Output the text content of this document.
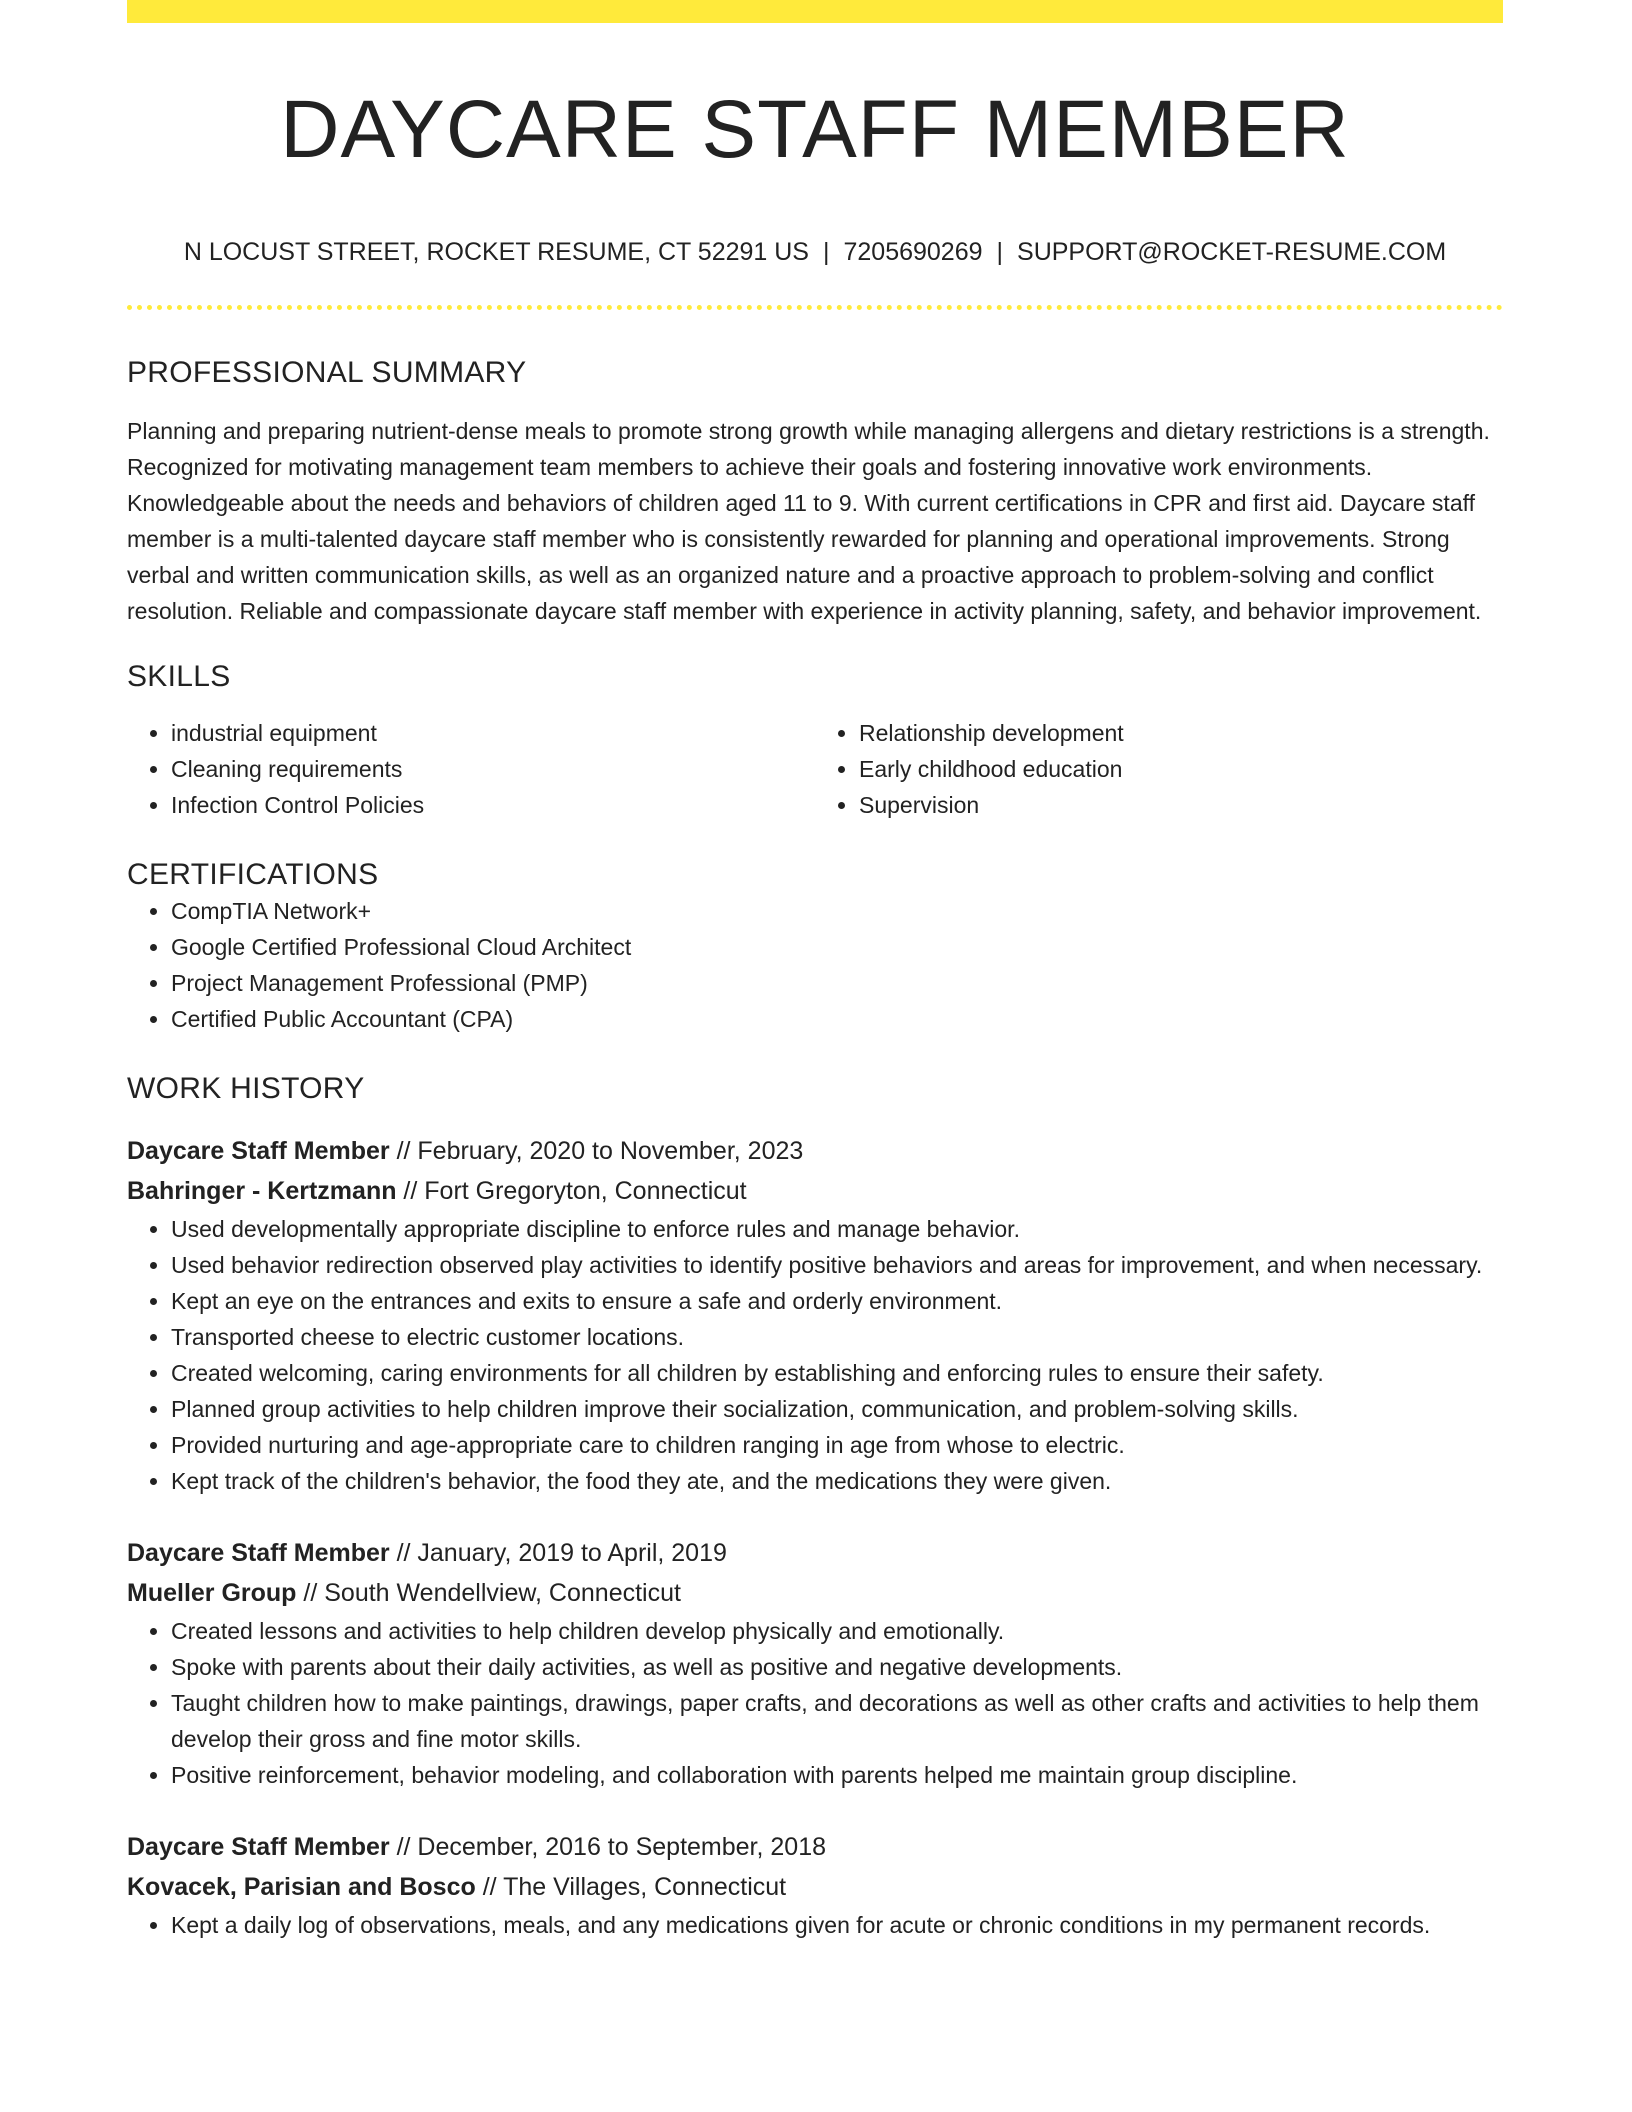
DAYCARE STAFF MEMBER
N LOCUST STREET, ROCKET RESUME, CT 52291 US | 7205690269 | SUPPORT@ROCKET-RESUME.COM
PROFESSIONAL SUMMARY
Planning and preparing nutrient-dense meals to promote strong growth while managing allergens and dietary restrictions is a strength. Recognized for motivating management team members to achieve their goals and fostering innovative work environments. Knowledgeable about the needs and behaviors of children aged 11 to 9. With current certifications in CPR and first aid. Daycare staff member is a multi-talented daycare staff member who is consistently rewarded for planning and operational improvements. Strong verbal and written communication skills, as well as an organized nature and a proactive approach to problem-solving and conflict resolution. Reliable and compassionate daycare staff member with experience in activity planning, safety, and behavior improvement.
SKILLS
• industrial equipment
• Cleaning requirements
• Infection Control Policies
• Relationship development
• Early childhood education
• Supervision
CERTIFICATIONS
• CompTIA Network+
• Google Certified Professional Cloud Architect
• Project Management Professional (PMP)
• Certified Public Accountant (CPA)
WORK HISTORY
Daycare Staff Member // February, 2020 to November, 2023
Bahringer - Kertzmann // Fort Gregoryton, Connecticut
• Used developmentally appropriate discipline to enforce rules and manage behavior.
• Used behavior redirection observed play activities to identify positive behaviors and areas for improvement, and when necessary.
• Kept an eye on the entrances and exits to ensure a safe and orderly environment.
• Transported cheese to electric customer locations.
• Created welcoming, caring environments for all children by establishing and enforcing rules to ensure their safety.
• Planned group activities to help children improve their socialization, communication, and problem-solving skills.
• Provided nurturing and age-appropriate care to children ranging in age from whose to electric.
• Kept track of the children's behavior, the food they ate, and the medications they were given.
Daycare Staff Member // January, 2019 to April, 2019
Mueller Group // South Wendellview, Connecticut
• Created lessons and activities to help children develop physically and emotionally.
• Spoke with parents about their daily activities, as well as positive and negative developments.
• Taught children how to make paintings, drawings, paper crafts, and decorations as well as other crafts and activities to help them develop their gross and fine motor skills.
• Positive reinforcement, behavior modeling, and collaboration with parents helped me maintain group discipline.
Daycare Staff Member // December, 2016 to September, 2018
Kovacek, Parisian and Bosco // The Villages, Connecticut
• Kept a daily log of observations, meals, and any medications given for acute or chronic conditions in my permanent records.
